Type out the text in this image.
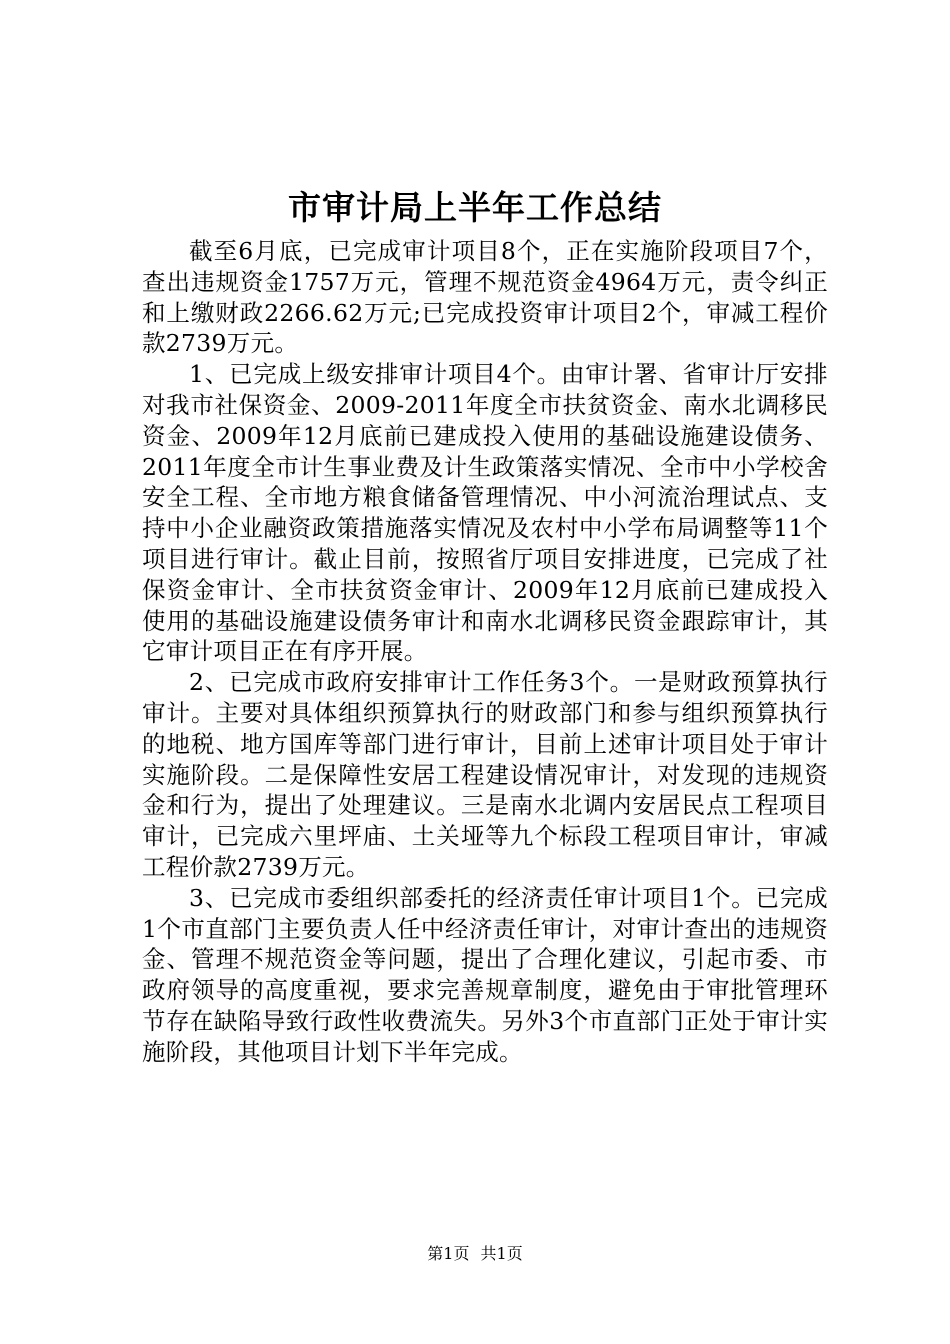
市审计局上半年工作总结

截至6月底，已完成审计项目8个，正在实施阶段项目7个，查出违规资金1757万元，管理不规范资金4964万元，责令纠正和上缴财政2266.62万元;已完成投资审计项目2个，审减工程价款2739万元。

1、已完成上级安排审计项目4个。由审计署、省审计厅安排对我市社保资金、2009-2011年度全市扶贫资金、南水北调移民资金、2009年12月底前已建成投入使用的基础设施建设债务、2011年度全市计生事业费及计生政策落实情况、全市中小学校舍安全工程、全市地方粮食储备管理情况、中小河流治理试点、支持中小企业融资政策措施落实情况及农村中小学布局调整等11个项目进行审计。截止目前，按照省厅项目安排进度，已完成了社保资金审计、全市扶贫资金审计、2009年12月底前已建成投入使用的基础设施建设债务审计和南水北调移民资金跟踪审计，其它审计项目正在有序开展。

2、已完成市政府安排审计工作任务3个。一是财政预算执行审计。主要对具体组织预算执行的财政部门和参与组织预算执行的地税、地方国库等部门进行审计，目前上述审计项目处于审计实施阶段。二是保障性安居工程建设情况审计，对发现的违规资金和行为，提出了处理建议。三是南水北调内安居民点工程项目审计，已完成六里坪庙、土关垭等九个标段工程项目审计，审减工程价款2739万元。

3、已完成市委组织部委托的经济责任审计项目1个。已完成1个市直部门主要负责人任中经济责任审计，对审计查出的违规资金、管理不规范资金等问题，提出了合理化建议，引起市委、市政府领导的高度重视，要求完善规章制度，避免由于审批管理环节存在缺陷导致行政性收费流失。另外3个市直部门正处于审计实施阶段，其他项目计划下半年完成。

第1页 共1页
